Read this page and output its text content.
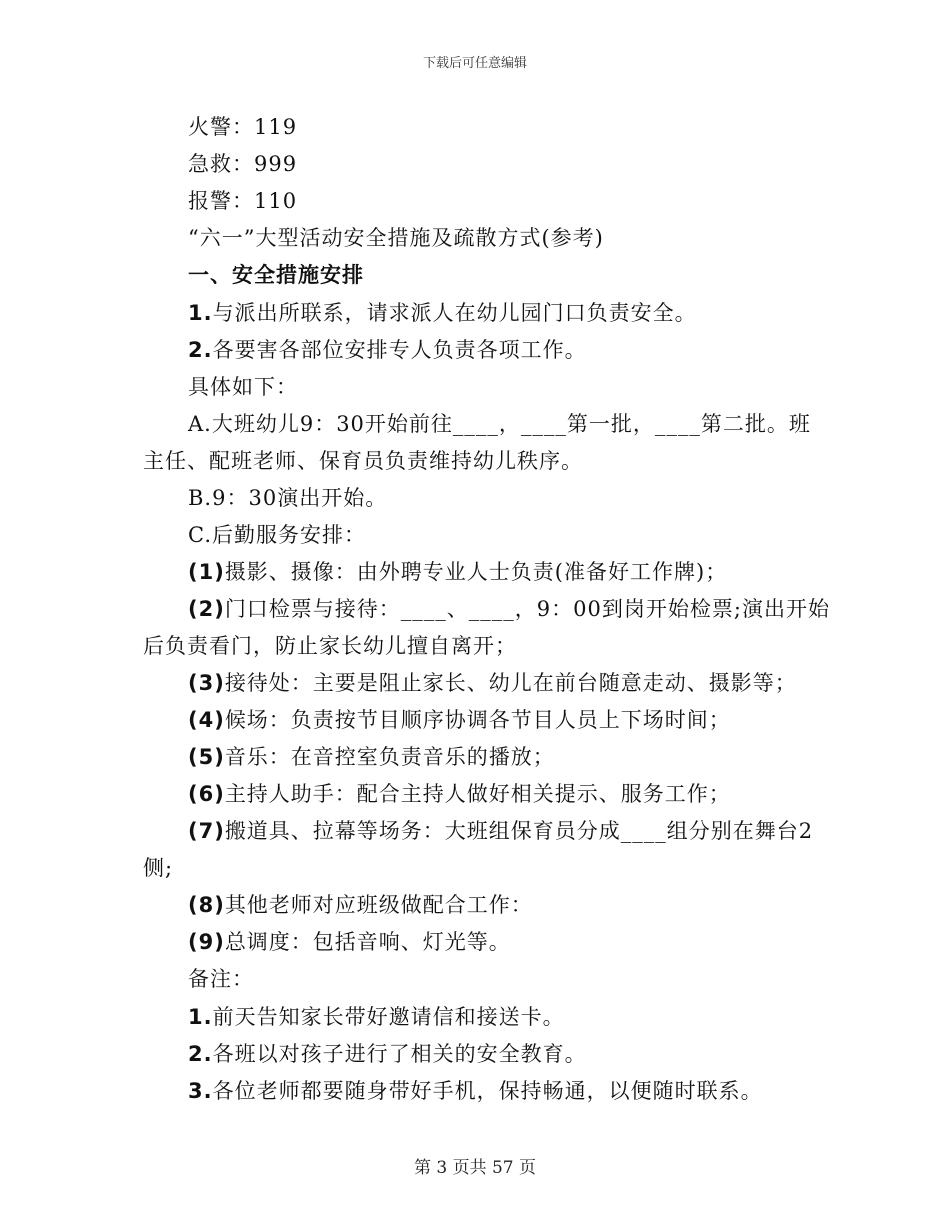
下载后可任意编辑
火警：119
急救：999
报警：110
“六一”大型活动安全措施及疏散方式(参考)
一、安全措施安排
1.与派出所联系，请求派人在幼儿园门口负责安全。
2.各要害各部位安排专人负责各项工作。
具体如下：
A.大班幼儿9：30开始前往____，____第一批，____第二批。班
主任、配班老师、保育员负责维持幼儿秩序。
B.9：30演出开始。
C.后勤服务安排：
(1)摄影、摄像：由外聘专业人士负责(准备好工作牌)；
(2)门口检票与接待：____、____，9：00到岗开始检票;演出开始
后负责看门，防止家长幼儿擅自离开；
(3)接待处：主要是阻止家长、幼儿在前台随意走动、摄影等；
(4)候场：负责按节目顺序协调各节目人员上下场时间；
(5)音乐：在音控室负责音乐的播放；
(6)主持人助手：配合主持人做好相关提示、服务工作；
(7)搬道具、拉幕等场务：大班组保育员分成____组分别在舞台2
侧;
(8)其他老师对应班级做配合工作：
(9)总调度：包括音响、灯光等。
备注：
1.前天告知家长带好邀请信和接送卡。
2.各班以对孩子进行了相关的安全教育。
3.各位老师都要随身带好手机，保持畅通，以便随时联系。
第 3 页共 57 页
